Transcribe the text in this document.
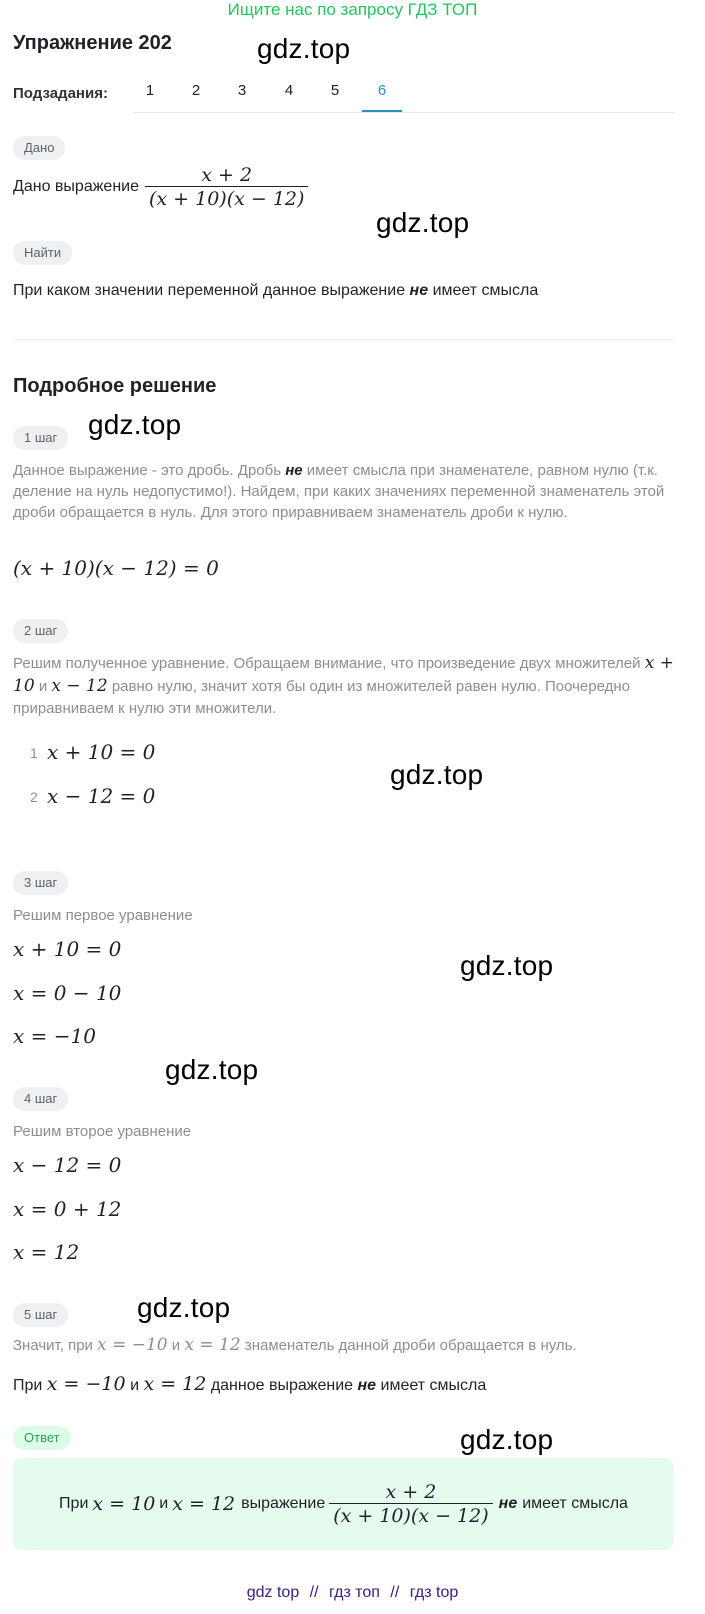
Ищите нас по запросу ГДЗ ТОП
Упражнение 202	gdz.top
Подзадания:	1	2	3	4	5	6
Дано
Дано выражение $\frac{x + 2}{(x + 10)(x - 12)}$
gdz.top
Найти
При каком значении переменной данное выражение не имеет смысла
Подробное решение
gdz.top
1 шаг
Данное выражение - это дробь. Дробь не имеет смысла при знаменателе, равном нулю (т.к. деление на нуль недопустимо!). Найдем, при каких значениях переменной знаменатель этой дроби обращается в нуль. Для этого приравниваем знаменатель дроби к нулю.
(x + 10)(x − 12) = 0
2 шаг
Решим полученное уравнение. Обращаем внимание, что произведение двух множителей x + 10 и x − 12 равно нулю, значит хотя бы один из множителей равен нулю. Поочередно приравниваем к нулю эти множители.
1 x + 10 = 0
2 x − 12 = 0
gdz.top
3 шаг
Решим первое уравнение
x + 10 = 0
x = 0 − 10
x = −10
gdz.top
gdz.top
4 шаг
Решим второе уравнение
x − 12 = 0
x = 0 + 12
x = 12
5 шаг	gdz.top
Значит, при x = −10 и x = 12 знаменатель данной дроби обращается в нуль.
При x = −10 и x = 12 данное выражение не имеет смысла
Ответ	gdz.top
При x = 10 и x = 12 выражение $\frac{x + 2}{(x + 10)(x - 12)}$ не имеет смысла
gdz top // гдз топ // гдз top
